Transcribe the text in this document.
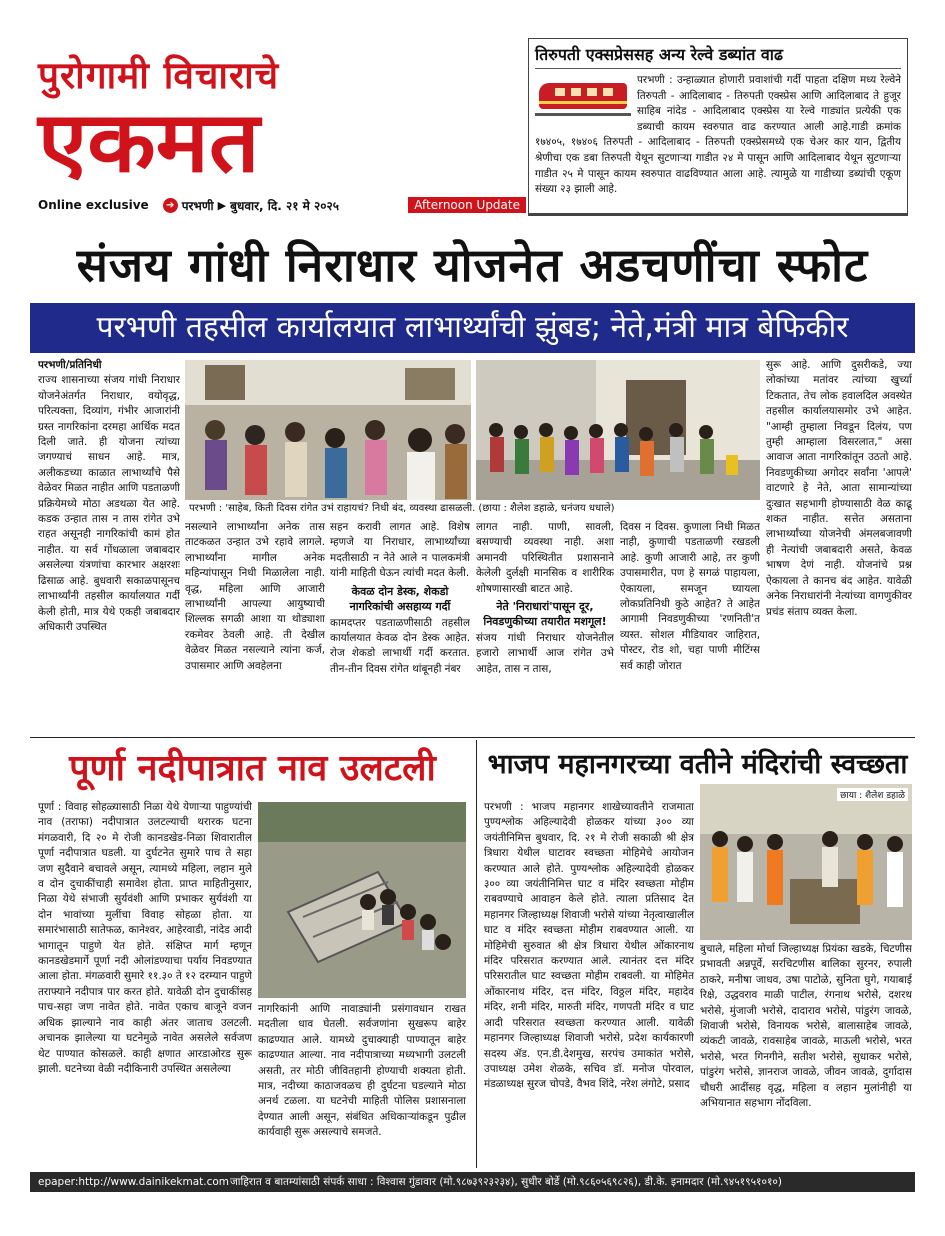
पुरोगामी विचाराचे
एकमत
Online exclusive	➔ परभणी ▶ बुधवार, दि. २१ मे २०२५	Afternoon Update
तिरुपती एक्सप्रेससह अन्य रेल्वे डब्यांत वाढ

परभणी : उन्हाळ्यात होणारी प्रवाशांची गर्दी पाहता दक्षिण मध्य रेल्वेने तिरुपती - आदिलाबाद - तिरुपती एक्स्प्रेस आणि आदिलाबाद ते हुजूर साहिब नांदेड - आदिलाबाद एक्स्प्रेस या रेल्वे गाड्यांत प्रत्येकी एक डब्याची कायम स्वरुपात वाढ करण्यात आली आहे.गाडी क्रमांक १७४०५, १७४०६ तिरुपती - आदिलाबाद - तिरुपती एक्स्प्रेसमध्ये एक चेअर कार यान, द्वितीय श्रेणीचा एक डबा तिरुपती येथून सुटणाऱ्या गाडीत २४ मे पासून आणि आदिलाबाद येथून सुटणाऱ्या गाडीत २५ मे पासून कायम स्वरुपात वाढविण्यात आला आहे. त्यामुळे या गाडीच्या डब्यांची एकूण संख्या २३ झाली आहे.

संजय गांधी निराधार योजनेत अडचणींचा स्फोट
परभणी तहसील कार्यालयात लाभार्थ्यांची झुंबड; नेते,मंत्री मात्र बेफिकीर
परभणी/प्रतिनिधी
राज्य शासनाच्या संजय गांधी निराधार योजनेअंतर्गत निराधार, वयोवृद्ध, परित्यक्ता, दिव्यांग, गंभीर आजारांनी ग्रस्त नागरिकांना दरमहा आर्थिक मदत दिली जाते. ही योजना त्यांच्या जगण्याचं साधन आहे. मात्र, अलीकडच्या काळात लाभार्थ्यांचे पैसे वेळेवर मिळत नाहीत आणि पडताळणी प्रक्रियेमध्ये मोठा अडथळा येत आहे. कडक उन्हात तास न तास रांगेत उभे राहत असूनही नागरिकांची कामं होत नाहीत. या सर्व गोंधळाला जबाबदार असलेल्या यंत्रणांचा कारभार अक्षरशः ढिसाळ आहे. बुधवारी सकाळपासूनच लाभार्थ्यांनी तहसील कार्यालयात गर्दी केली होती, मात्र येथे एकही जबाबदार अधिकारी उपस्थित
परभणी : 'साहेब, किती दिवस रांगेत उभं राहायचं? निधी बंद, व्यवस्था ढासळली. (छाया : शैलेश डहाळे, धनंजय धधाले)
नसल्याने लाभार्थ्यांना अनेक तास ताटकळत उन्हात उभे रहावे लागले. लाभार्थ्यांना मागील अनेक महिन्यांपासून निधी मिळालेला नाही. वृद्ध, महिला आणि आजारी लाभार्थ्यांनी आपल्या आयुष्याची शिल्लक सगळी आशा या थोड्याशा रकमेवर ठेवली आहे. ती देखील वेळेवर मिळत नसल्याने त्यांना कर्ज, उपासमार आणि अवहेलना
सहन करावी लागत आहे. विशेष म्हणजे या निराधार, लाभार्थ्यांच्या मदतीसाठी न नेते आले न पालकमंत्री यांनी माहिती घेऊन त्यांची मदत केली.
केवळ दोन डेस्क, शेकडो नागरिकांची असहाय्य गर्दी
कामदप्तर पडताळणीसाठी तहसील कार्यालयात केवळ दोन डेस्क आहेत. रोज शेकडो लाभार्थी गर्दी करतात. तीन-तीन दिवस रांगेत थांबूनही नंबर
लागत नाही. पाणी, सावली, बसण्याची व्यवस्था नाही. अशा अमानवी परिस्थितीत प्रशासनाने केलेली दुर्लक्षी मानसिक व शारीरिक शोषणासारखी बाटत आहे.
नेते 'निराधारां'पासून दूर, निवडणुकीच्या तयारीत मशगूल!
संजय गांधी निराधार योजनेतील हजारो लाभार्थी आज रांगेत उभे आहेत, तास न तास,
दिवस न दिवस. कुणाला निधी मिळत नाही, कुणाची पडताळणी रखडली आहे. कुणी आजारी आहे, तर कुणी उपासमारीत, पण हे सगळं पाहायला, ऐकायला, समजून घ्यायला लोकप्रतिनिधी कुठे आहेत? ते आहेत आगामी निवडणुकीच्या 'रणनिती'त व्यस्त. सोशल मीडियावर जाहिरात, पोस्टर, रोड शो, चहा पाणी मीटिंग्स सर्व काही जोरात
सुरू आहे. आणि दुसरीकडे, ज्या लोकांच्या मतांवर त्यांच्या खुर्च्या टिकतात, तेच लोक हवालदिल अवस्थेत तहसील कार्यालयासमोर उभे आहेत. "आम्ही तुम्हाला निवडून दिलंय, पण तुम्ही आम्हाला विसरलात," असा आवाज आता नागरिकांतून उठतो आहे. निवडणुकीच्या अगोदर सर्वांना 'आपले' वाटणारे हे नेते, आता सामान्यांच्या दुःखात सहभागी होण्यासाठी वेळ काढू शकत नाहीत. सत्तेत असताना लाभार्थ्यांच्या योजनेची अंमलबजावणी ही नेत्यांची जबाबदारी असते, केवळ भाषण देणं नाही. योजनांचे प्रश्न ऐकायला ते कानच बंद आहेत. यावेळी अनेक निराधारांनी नेत्यांच्या वागणुकीवर प्रचंड संताप व्यक्त केला.
पूर्णा नदीपात्रात नाव उलटली
पूर्णा : विवाह सोहळ्यासाठी निळा येथे येणाऱ्या पाहुण्यांची नाव (तराफा) नदीपात्रात उलटल्याची थरारक घटना मंगळवारी, दि २० मे रोजी कानडखेड-निळा शिवारातील पूर्णा नदीपात्रात घडली. या दुर्घटनेत सुमारे पाच ते सहा जण सुदैवाने बचावले असून, त्यामध्ये महिला, लहान मुले व दोन दुचाकींचाही समावेश होता. प्राप्त माहितीनुसार, निळा येथे संभाजी सुर्यवंशी आणि प्रभाकर सुर्यवंशी या दोन भावांच्या मुलींचा विवाह सोहळा होता. या समारंभासाठी सातेफळ, कानेश्वर, आहेरवाडी, नांदेड आदी भागातून पाहुणे येत होते. संक्षिप्त मार्ग म्हणून कानडखेडमार्गे पूर्णा नदी ओलांडण्याचा पर्याय निवडण्यात आला होता. मंगळवारी सुमारे ११.३० ते १२ दरम्यान पाहुणे तराफ्याने नदीपात्र पार करत होते. यावेळी दोन दुचाकींसह पाच-सहा जण नावेत होते. नावेत एकाच बाजूने वजन अधिक झाल्याने नाव काही अंतर जाताच उलटली. अचानक झालेल्या या घटनेमुळे नावेत असलेले सर्वजण थेट पाण्यात कोसळले. काही क्षणात आरडाओरड सुरू झाली. घटनेच्या वेळी नदीकिनारी उपस्थित असलेल्या
नागरिकांनी आणि नावाड्यांनी प्रसंगावधान राखत मदतीला धाव घेतली. सर्वजणांना सुखरूप बाहेर काढण्यात आले. यामध्ये दुचाक्याही पाण्यातून बाहेर काढण्यात आल्या. नाव नदीपात्राच्या मध्यभागी उलटली असती, तर मोठी जीवितहानी होण्याची शक्यता होती. मात्र, नदीच्या काठाजवळच ही दुर्घटना घडल्याने मोठा अनर्थ टळला. या घटनेची माहिती पोलिस प्रशासनाला देण्यात आली असून, संबंधित अधिकाऱ्यांकडून पुढील कार्यवाही सुरू असल्याचे समजते.
भाजप महानगरच्या वतीने मंदिरांची स्वच्छता
परभणी : भाजप महानगर शाखेच्यावतीने राजमाता पुण्यश्लोक अहिल्यादेवी होळकर यांच्या ३०० व्या जयंतीनिमित्त बुधवार, दि. २१ मे रोजी सकाळी श्री क्षेत्र त्रिधारा येथील घाटावर स्वच्छता मोहिमेचे आयोजन करण्यात आले होते. पुण्यश्लोक अहिल्यादेवी होळकर ३०० व्या जयंतीनिमित्त घाट व मंदिर स्वच्छता मोहीम राबवण्याचे आवाहन केले होते. त्याला प्रतिसाद देत महानगर जिल्हाध्यक्ष शिवाजी भरोसे यांच्या नेतृत्वाखालील घाट व मंदिर स्वच्छता मोहीम राबवण्यात आली. या मोहिमेची सुरुवात श्री क्षेत्र त्रिधारा येथील ओंकारनाथ मंदिर परिसरात करण्यात आले. त्यानंतर दत्त मंदिर परिसरातील घाट स्वच्छता मोहीम राबवली. या मोहिमेत ओंकारनाथ मंदिर, दत्त मंदिर, विठ्ठल मंदिर, महादेव मंदिर, शनी मंदिर, मारुती मंदिर, गणपती मंदिर व घाट आदी परिसरात स्वच्छता करण्यात आली. यावेळी महानगर जिल्हाध्यक्ष शिवाजी भरोसे, प्रदेश कार्यकारणी सदस्य ॲड. एन.डी.देशमुख, सरपंच उमाकांत भरोसे, उपाध्यक्ष उमेश शेळके, सचिव डॉ. मनोज पोरवाल, मंडळाध्यक्ष सुरज चोपडे, वैभव शिंदे, नरेश लंगोटे, प्रसाद
छाया : शैलेश डहाळे
बुचाले, महिला मोर्चा जिल्हाध्यक्ष प्रियंका खडके, चिटणीस प्रभावती अन्नपूर्वे, सरचिटणीस बालिका सुरनर, रुपाली ठाकरे, मनीषा जाधव, उषा पाटोळे, सुनिता घुगे, गयाबाई रिक्षे, उद्धवराव माळी पाटील, रंगनाथ भरोसे, दशरथ भरोसे, मुंजाजी भरोसे, दादाराव भरोसे, पांडुरंग जावळे, शिवाजी भरोसे, विनायक भरोसे, बालासाहेब जावळे, व्यंकटी जावळे, रावसाहेब जावळे, माऊली भरोसे, भरत भरोसे, भरत गिनगीने, सतीश भरोसे, सुधाकर भरोसे, पांडुरंग भरोसे, ज्ञानराज जावळे, जीवन जावळे, दुर्गादास चौधरी आदींसह वृद्ध, महिला व लहान मुलांनीही या अभियानात सहभाग नोंदविला.
epaper:http://www.dainikekmat.com जाहिरात व बातम्यांसाठी संपर्क साधा : विश्वास गुंडावार (मो.९८७३९२३२३४), सुधीर बोर्डे (मो.९८६०५६९८२६), डी.के. इनामदार (मो.९४५१९५१०१०)
